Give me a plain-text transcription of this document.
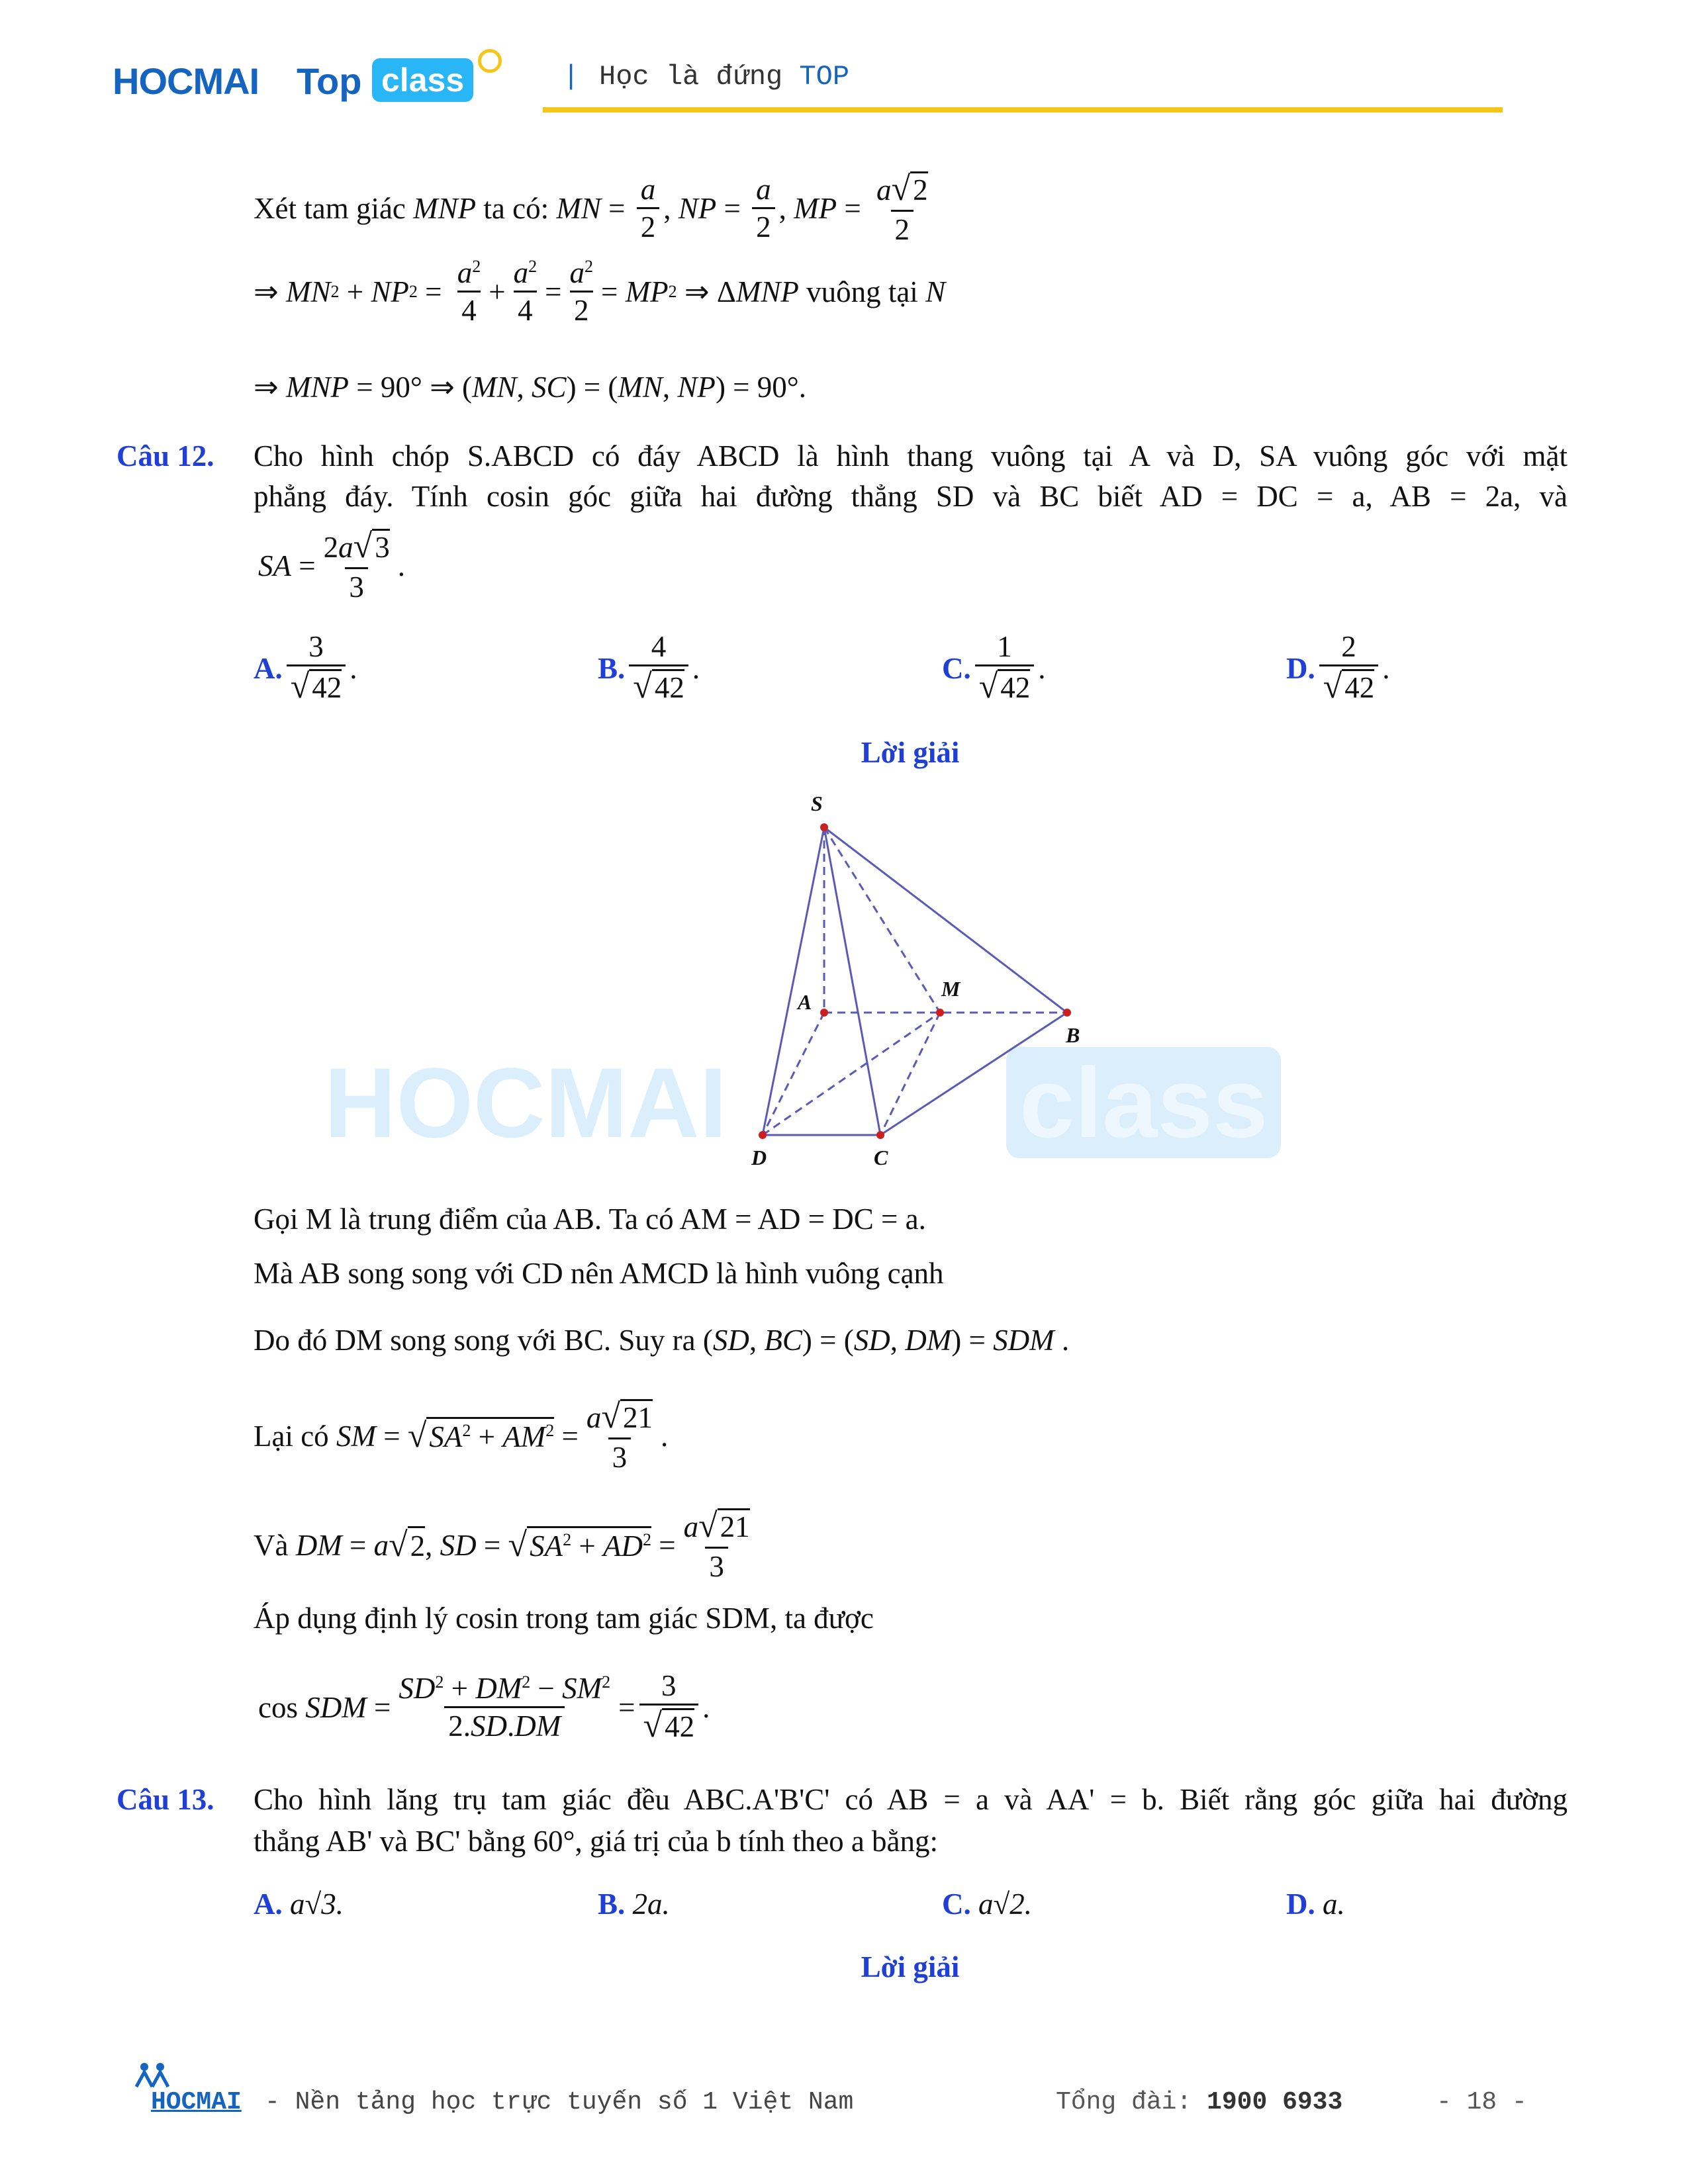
HOCMAI Top class	| Học là đứng TOP
Xét tam giác
MNP
ta có:
MN = $\frac{a}{2}$ , NP = $\frac{a}{2}$ , MP = $\frac{a√2}{2}$
⇒ MN 2 + NP $2 = \frac{a^2}{4} + \frac{a^2}{4} = \frac{a^2}{2}$ = MP 2 ⇒ Δ MNP
vuông tại
N
⇒ MNP = 90° ⇒ (MN, SC) = (MN, NP) = 90°.
Câu 12. Cho hình chóp S.ABCD có đáy ABCD là hình thang vuông tại A và D, SA vuông góc với mặt
phẳng đáy. Tính cosin góc giữa hai đường thẳng SD và BC biết AD = DC = a, AB = 2a, và
SA = $\frac{2a√3}{3}$ .
A. $\frac{3}{√42}$ .	B. $\frac{4}{√42}$ .	C. $\frac{1}{√42}$ .	D. $\frac{2}{√42}$ .
Lời giải
HOCMAI	class
S
A
M
B
D	C
Gọi M là trung điểm của AB. Ta có AM = AD = DC = a.
Mà AB song song với CD nên AMCD là hình vuông cạnh
Do đó DM song song với BC. Suy ra (SD, BC) = (SD, DM) = SDM .
Lại có
SM = √ $SA^2 + AM^2 = \frac{a√21}{3}$ .
Và
DM = a √ 2 , SD = √ $SA^2 + AD^2 = \frac{a√21}{3}$
Áp dụng định lý cosin trong tam giác SDM, ta được
cos SDM = $\frac{SD^2 + DM^2 - SM^2}{2.SD.DM} = \frac{3}{√42}$ .
Câu 13. Cho hình lăng trụ tam giác đều ABC.A'B'C' có AB = a và AA' = b. Biết rằng góc giữa hai đường
thẳng AB' và BC' bằng 60°, giá trị của b tính theo a bằng:
A. a√3.	B. 2a.	C. a√2.	D. a.
Lời giải
HOCMAI - Nền tảng học trực tuyến số 1 Việt Nam	Tổng đài: 1900 6933	- 18 -
